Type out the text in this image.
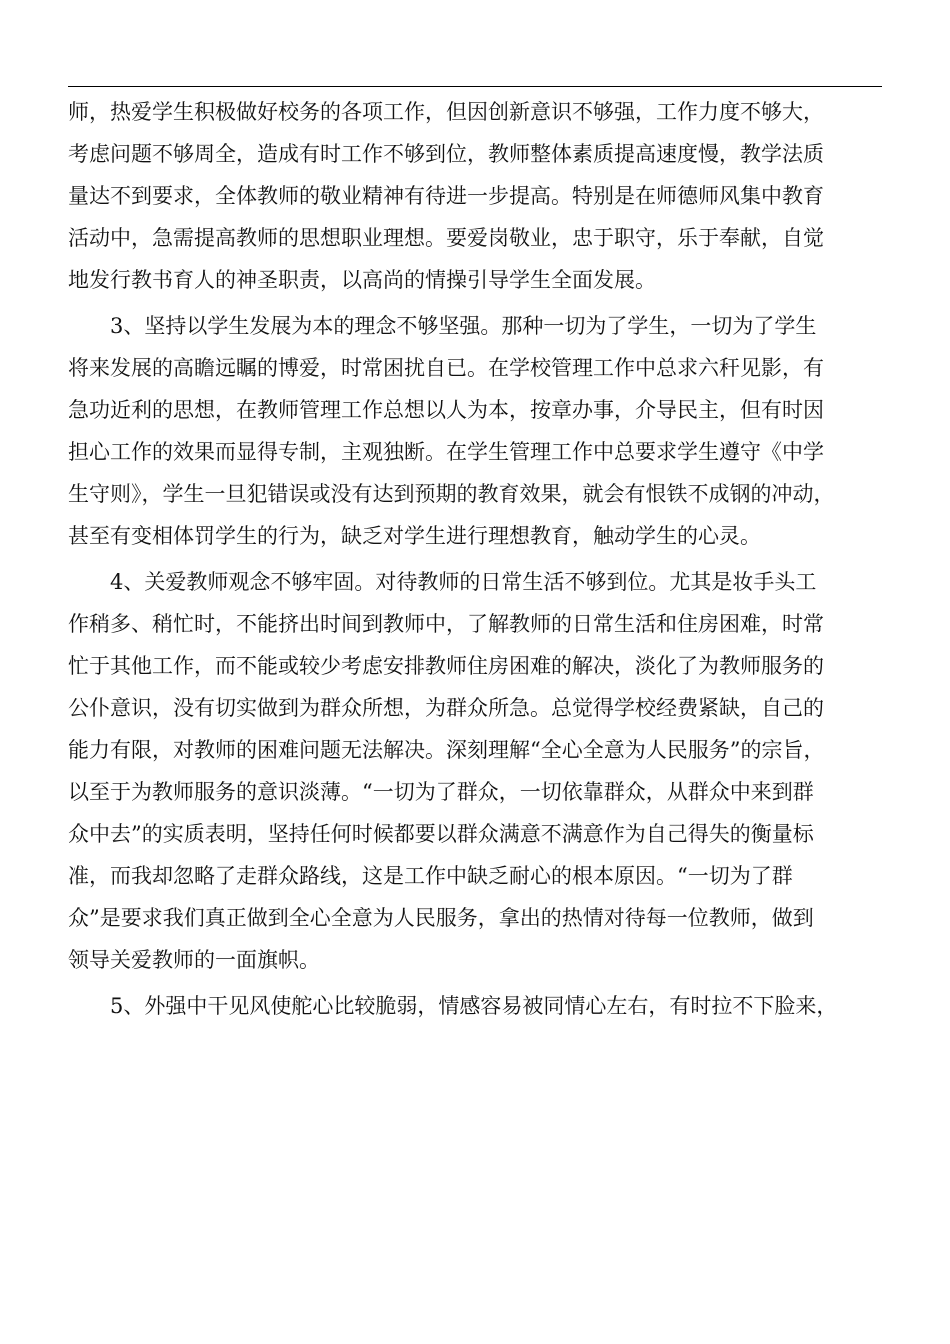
师，热爱学生积极做好校务的各项工作，但因创新意识不够强，工作力度不够大，
考虑问题不够周全，造成有时工作不够到位，教师整体素质提高速度慢，教学法质
量达不到要求，全体教师的敬业精神有待进一步提高。特别是在师德师风集中教育
活动中，急需提高教师的思想职业理想。要爱岗敬业，忠于职守，乐于奉献，自觉
地发行教书育人的神圣职责，以高尚的情操引导学生全面发展。
3、坚持以学生发展为本的理念不够坚强。那种一切为了学生，一切为了学生
将来发展的高瞻远瞩的博爱，时常困扰自已。在学校管理工作中总求六秆见影，有
急功近利的思想，在教师管理工作总想以人为本，按章办事，介导民主，但有时因
担心工作的效果而显得专制，主观独断。在学生管理工作中总要求学生遵守《中学
生守则》，学生一旦犯错误或没有达到预期的教育效果，就会有恨铁不成钢的冲动，
甚至有变相体罚学生的行为，缺乏对学生进行理想教育，触动学生的心灵。
4、关爱教师观念不够牢固。对待教师的日常生活不够到位。尤其是妆手头工
作稍多、稍忙时，不能挤出时间到教师中，了解教师的日常生活和住房困难，时常
忙于其他工作，而不能或较少考虑安排教师住房困难的解决，淡化了为教师服务的
公仆意识，没有切实做到为群众所想，为群众所急。总觉得学校经费紧缺，自己的
能力有限，对教师的困难问题无法解决。深刻理解“全心全意为人民服务”的宗旨，
以至于为教师服务的意识淡薄。“一切为了群众，一切依靠群众，从群众中来到群
众中去”的实质表明，坚持任何时候都要以群众满意不满意作为自己得失的衡量标
准，而我却忽略了走群众路线，这是工作中缺乏耐心的根本原因。“一切为了群
众”是要求我们真正做到全心全意为人民服务，拿出的热情对待每一位教师，做到
领导关爱教师的一面旗帜。
5、外强中干见风使舵心比较脆弱，情感容易被同情心左右，有时拉不下脸来，
